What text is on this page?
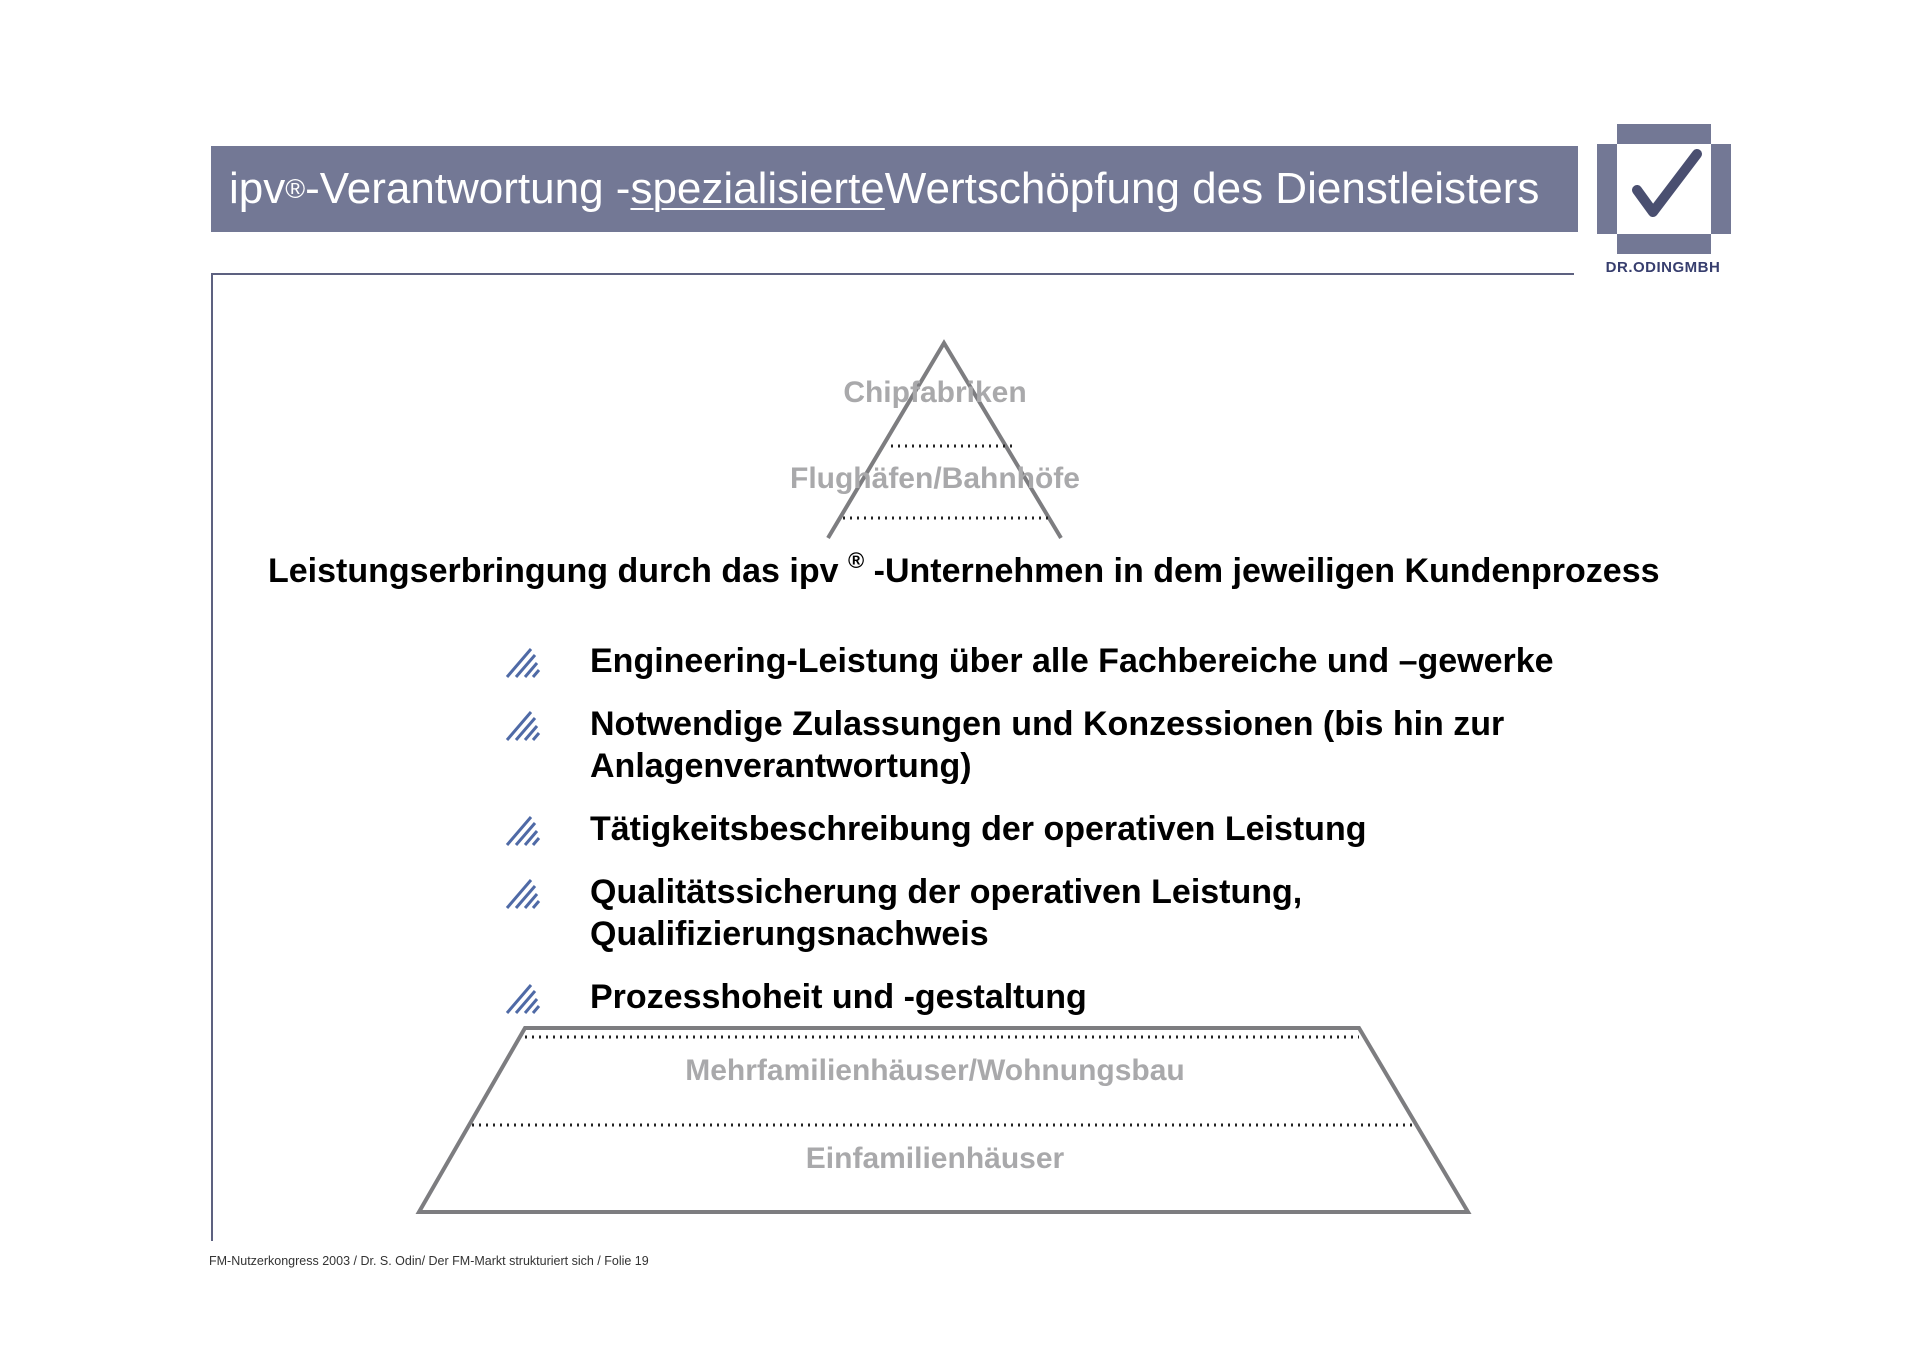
ipv ® -Verantwortung - spezialisierte Wertschöpfung des Dienstleisters
DR.ODINGMBH
Chipfabriken
Flughäfen/Bahnhöfe
Mehrfamilienhäuser/Wohnungsbau
Einfamilienhäuser
Leistungserbringung durch das ipv ® -Unternehmen in dem jeweiligen Kundenprozess
Engineering-Leistung über alle Fachbereiche und –gewerke
Notwendige Zulassungen und Konzessionen (bis hin zur Anlagenverantwortung)
Tätigkeitsbeschreibung der operativen Leistung
Qualitätssicherung der operativen Leistung, Qualifizierungsnachweis
Prozesshoheit und -gestaltung
FM-Nutzerkongress 2003 / Dr. S. Odin/ Der FM-Markt strukturiert sich / Folie 19
